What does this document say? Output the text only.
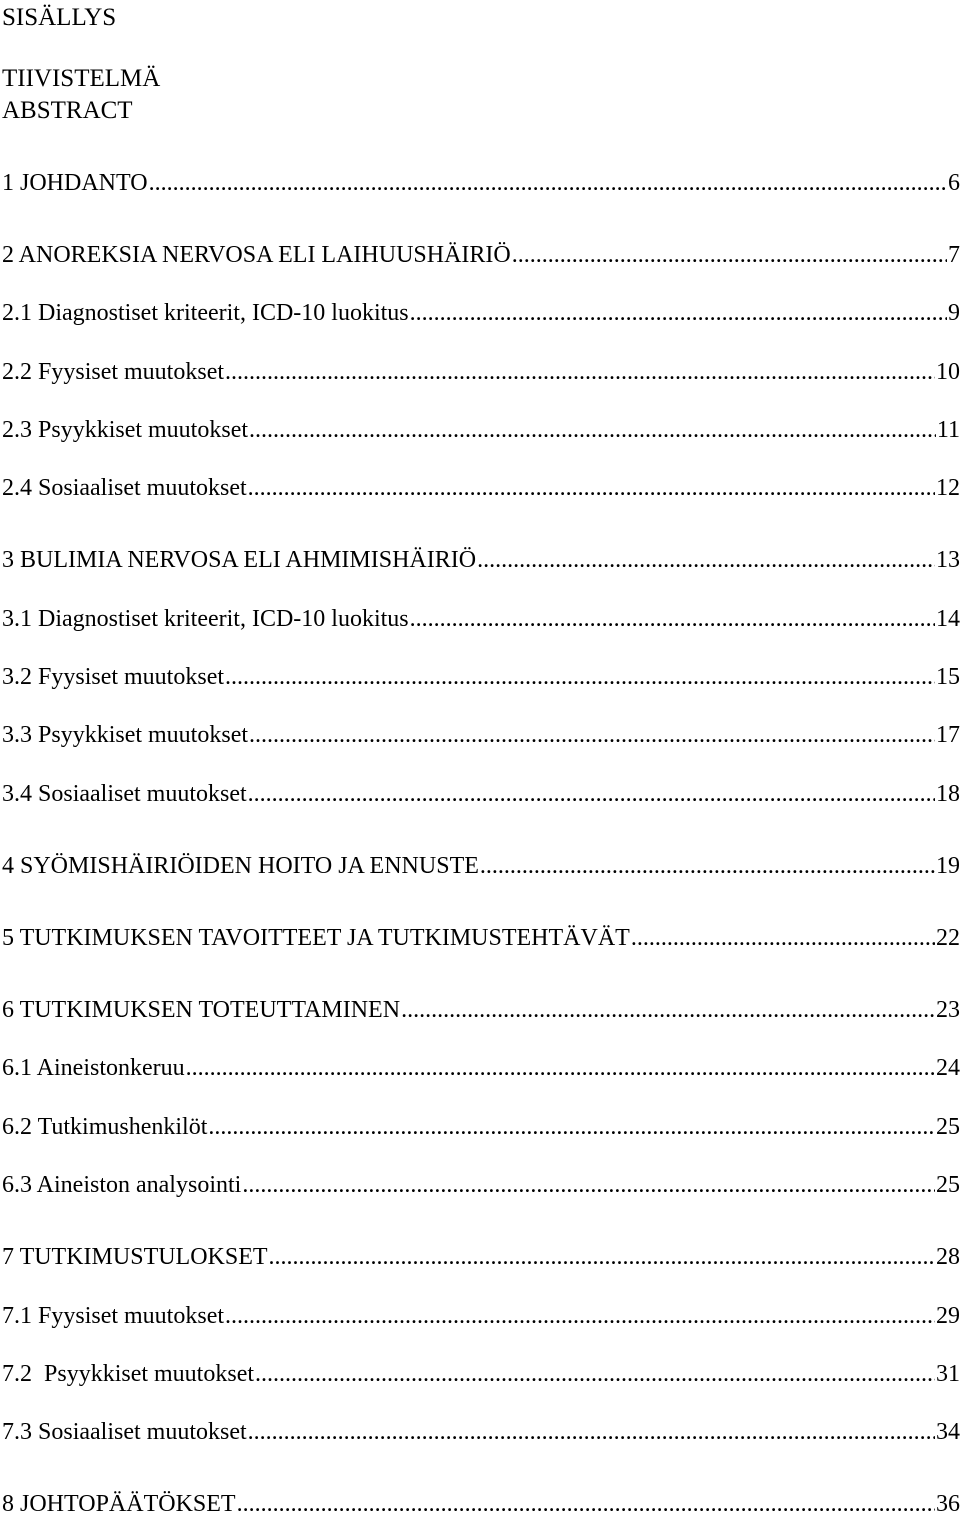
SISÄLLYS
TIIVISTELMÄ
ABSTRACT
1 JOHDANTO .....	6
2 ANOREKSIA NERVOSA ELI LAIHUUSHÄIRIÖ .....	7
2.1 Diagnostiset kriteerit, ICD-10 luokitus .....	9
2.2 Fyysiset muutokset .....	10
2.3 Psyykkiset muutokset .....	11
2.4 Sosiaaliset muutokset .....	12
3 BULIMIA NERVOSA ELI AHMIMISHÄIRIÖ .....	13
3.1 Diagnostiset kriteerit, ICD-10 luokitus .....	14
3.2 Fyysiset muutokset .....	15
3.3 Psyykkiset muutokset .....	17
3.4 Sosiaaliset muutokset .....	18
4 SYÖMISHÄIRIÖIDEN HOITO JA ENNUSTE .....	19
5 TUTKIMUKSEN TAVOITTEET JA TUTKIMUSTEHTÄVÄT .....	22
6 TUTKIMUKSEN TOTEUTTAMINEN .....	23
6.1 Aineistonkeruu .....	24
6.2 Tutkimushenkilöt .....	25
6.3 Aineiston analysointi .....	25
7 TUTKIMUSTULOKSET .....	28
7.1 Fyysiset muutokset .....	29
7.2  Psyykkiset muutokset .....	31
7.3 Sosiaaliset muutokset .....	34
8 JOHTOPÄÄTÖKSET .....	36
